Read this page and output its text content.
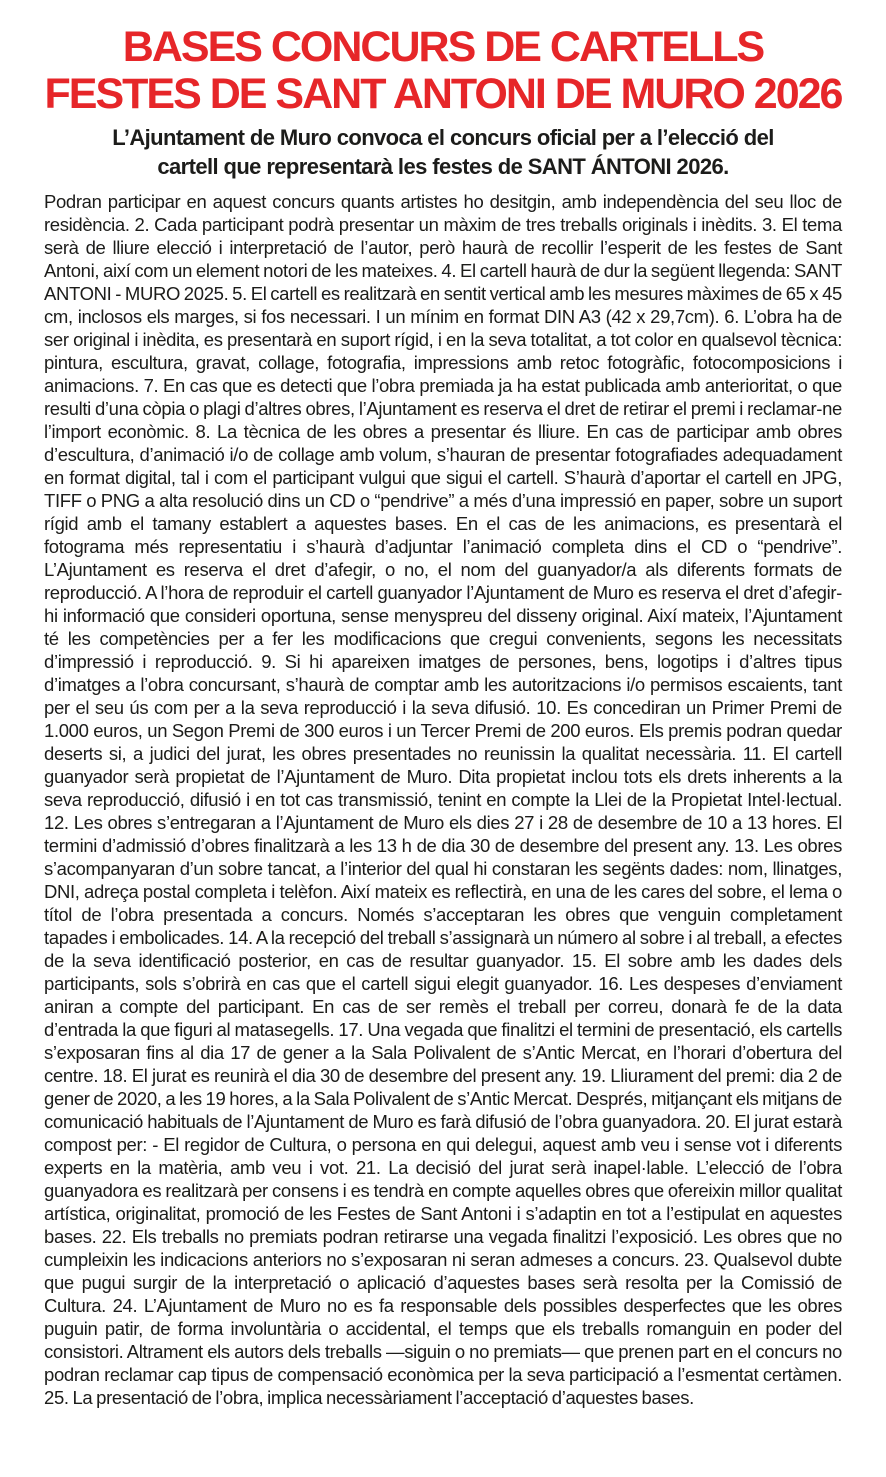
BASES CONCURS DE CARTELLS
FESTES DE SANT ANTONI DE MURO 2026
L’Ajuntament de Muro convoca el concurs oficial per a l’elecció del
cartell que representarà les festes de SANT ÁNTONI 2026.

Podran participar en aquest concurs quants artistes ho desitgin, amb independència del seu lloc de residència. 2. Cada participant podrà presentar un màxim de tres treballs originals i inèdits. 3. El tema serà de lliure elecció i interpretació de l’autor, però haurà de recollir l’esperit de les festes de Sant Antoni, així com un element notori de les mateixes. 4. El cartell haurà de dur la següent llegenda: SANT ANTONI - MURO 2025. 5. El cartell es realitzarà en sentit vertical amb les mesures màximes de 65 x 45 cm, inclosos els marges, si fos necessari. I un mínim en format DIN A3 (42 x 29,7cm). 6. L’obra ha de ser original i inèdita, es presentarà en suport rígid, i en la seva totalitat, a tot color en qualsevol tècnica: pintura, escultura, gravat, collage, fotografia, impressions amb retoc fotogràfic, fotocomposicions i animacions. 7. En cas que es detecti que l’obra premiada ja ha estat publicada amb anterioritat, o que resulti d’una còpia o plagi d’altres obres, l’Ajuntament es reserva el dret de retirar el premi i reclamar-ne l’import econòmic. 8. La tècnica de les obres a presentar és lliure. En cas de participar amb obres d’escultura, d’animació i/o de collage amb volum, s’hauran de presentar fotografiades adequadament en format digital, tal i com el participant vulgui que sigui el cartell. S’haurà d’aportar el cartell en JPG, TIFF o PNG a alta resolució dins un CD o “pendrive” a més d’una impressió en paper, sobre un suport rígid amb el tamany establert a aquestes bases. En el cas de les animacions, es presentarà el fotograma més representatiu i s’haurà d’adjuntar l’animació completa dins el CD o “pendrive”. L’Ajuntament es reserva el dret d’afegir, o no, el nom del guanyador/a als diferents formats de reproducció. A l’hora de reproduir el cartell guanyador l’Ajuntament de Muro es reserva el dret d’afegir-hi informació que consideri oportuna, sense menyspreu del disseny original. Així mateix, l’Ajuntament té les competències per a fer les modificacions que cregui convenients, segons les necessitats d’impressió i reproducció. 9. Si hi apareixen imatges de persones, bens, logotips i d’altres tipus d’imatges a l’obra concursant, s’haurà de comptar amb les autoritzacions i/o permisos escaients, tant per el seu ús com per a la seva reproducció i la seva difusió. 10. Es concediran un Primer Premi de 1.000 euros, un Segon Premi de 300 euros i un Tercer Premi de 200 euros. Els premis podran quedar deserts si, a judici del jurat, les obres presentades no reunissin la qualitat necessària. 11. El cartell guanyador serà propietat de l’Ajuntament de Muro. Dita propietat inclou tots els drets inherents a la seva reproducció, difusió i en tot cas transmissió, tenint en compte la Llei de la Propietat Intel·lectual. 12. Les obres s’entregaran a l’Ajuntament de Muro els dies 27 i 28 de desembre de 10 a 13 hores. El termini d’admissió d’obres finalitzarà a les 13 h de dia 30 de desembre del present any. 13. Les obres s’acompanyaran d’un sobre tancat, a l’interior del qual hi constaran les segënts dades: nom, llinatges, DNI, adreça postal completa i telèfon. Així mateix es reflectirà, en una de les cares del sobre, el lema o títol de l’obra presentada a concurs. Només s’acceptaran les obres que venguin completament tapades i embolicades. 14. A la recepció del treball s’assignarà un número al sobre i al treball, a efectes de la seva identificació posterior, en cas de resultar guanyador. 15. El sobre amb les dades dels participants, sols s’obrirà en cas que el cartell sigui elegit guanyador. 16. Les despeses d’enviament aniran a compte del participant. En cas de ser remès el treball per correu, donarà fe de la data d’entrada la que figuri al matasegells. 17. Una vegada que finalitzi el termini de presentació, els cartells s’exposaran fins al dia 17 de gener a la Sala Polivalent de s’Antic Mercat, en l’horari d’obertura del centre. 18. El jurat es reunirà el dia 30 de desembre del present any. 19. Lliurament del premi: dia 2 de gener de 2020, a les 19 hores, a la Sala Polivalent de s’Antic Mercat. Després, mitjançant els mitjans de comunicació habituals de l’Ajuntament de Muro es farà difusió de l’obra guanyadora. 20. El jurat estarà compost per: - El regidor de Cultura, o persona en qui delegui, aquest amb veu i sense vot i diferents experts en la matèria, amb veu i vot. 21. La decisió del jurat serà inapel·lable. L’elecció de l’obra guanyadora es realitzarà per consens i es tendrà en compte aquelles obres que ofereixin millor qualitat artística, originalitat, promoció de les Festes de Sant Antoni i s’adaptin en tot a l’estipulat en aquestes bases. 22. Els treballs no premiats podran retirarse una vegada finalitzi l’exposició. Les obres que no cumpleixin les indicacions anteriors no s’exposaran ni seran admeses a concurs. 23. Qualsevol dubte que pugui surgir de la interpretació o aplicació d’aquestes bases serà resolta per la Comissió de Cultura. 24. L’Ajuntament de Muro no es fa responsable dels possibles desperfectes que les obres puguin patir, de forma involuntària o accidental, el temps que els treballs romanguin en poder del consistori. Altrament els autors dels treballs —siguin o no premiats— que prenen part en el concurs no podran reclamar cap tipus de compensació econòmica per la seva participació a l’esmentat certàmen. 25. La presentació de l’obra, implica necessàriament l’acceptació d’aquestes bases.
